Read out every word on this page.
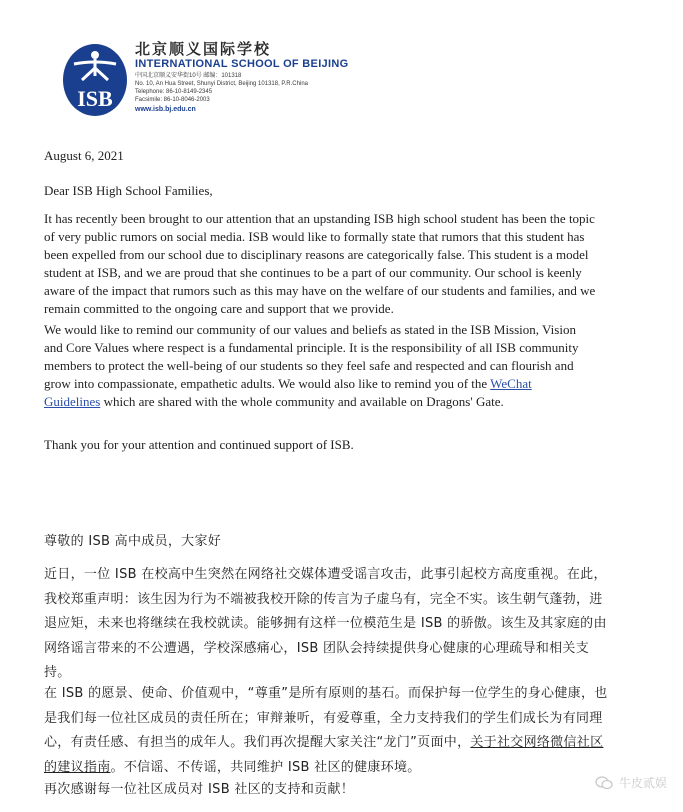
ISB
北京顺义国际学校
INTERNATIONAL SCHOOL OF BEIJING
中国北京顺义安华街10号 邮编：101318
No. 10, An Hua Street, Shunyi District, Beijing 101318, P.R.China
Telephone: 86-10-8149-2345
Facsimile: 86-10-8046-2003
www.isb.bj.edu.cn
August 6, 2021
Dear ISB High School Families,
It has recently been brought to our attention that an upstanding ISB high school student has been the topic
of very public rumors on social media. ISB would like to formally state that rumors that this student has
been expelled from our school due to disciplinary reasons are categorically false. This student is a model
student at ISB, and we are proud that she continues to be a part of our community. Our school is keenly
aware of the impact that rumors such as this may have on the welfare of our students and families, and we
remain committed to the ongoing care and support that we provide.
We would like to remind our community of our values and beliefs as stated in the ISB Mission, Vision
and Core Values where respect is a fundamental principle. It is the responsibility of all ISB community
members to protect the well-being of our students so they feel safe and respected and can flourish and
grow into compassionate, empathetic adults. We would also like to remind you of the WeChat
Guidelines which are shared with the whole community and available on Dragons' Gate.
Thank you for your attention and continued support of ISB.
尊敬的 ISB 高中成员，大家好
近日，一位 ISB 在校高中生突然在网络社交媒体遭受谣言攻击，此事引起校方高度重视。在此，
我校郑重声明：该生因为行为不端被我校开除的传言为子虚乌有，完全不实。该生朝气蓬勃，进
退应矩，未来也将继续在我校就读。能够拥有这样一位模范生是 ISB 的骄傲。该生及其家庭的由
网络谣言带来的不公遭遇，学校深感痛心，ISB 团队会持续提供身心健康的心理疏导和相关支
持。
在 ISB 的愿景、使命、价值观中，“尊重”是所有原则的基石。而保护每一位学生的身心健康，也
是我们每一位社区成员的责任所在；审辩兼听，有爱尊重，全力支持我们的学生们成长为有同理
心，有责任感、有担当的成年人。我们再次提醒大家关注“龙门”页面中，关于社交网络微信社区
的建议指南。不信谣、不传谣，共同维护 ISB 社区的健康环境。
再次感谢每一位社区成员对 ISB 社区的支持和贡献！	牛皮贰娱
